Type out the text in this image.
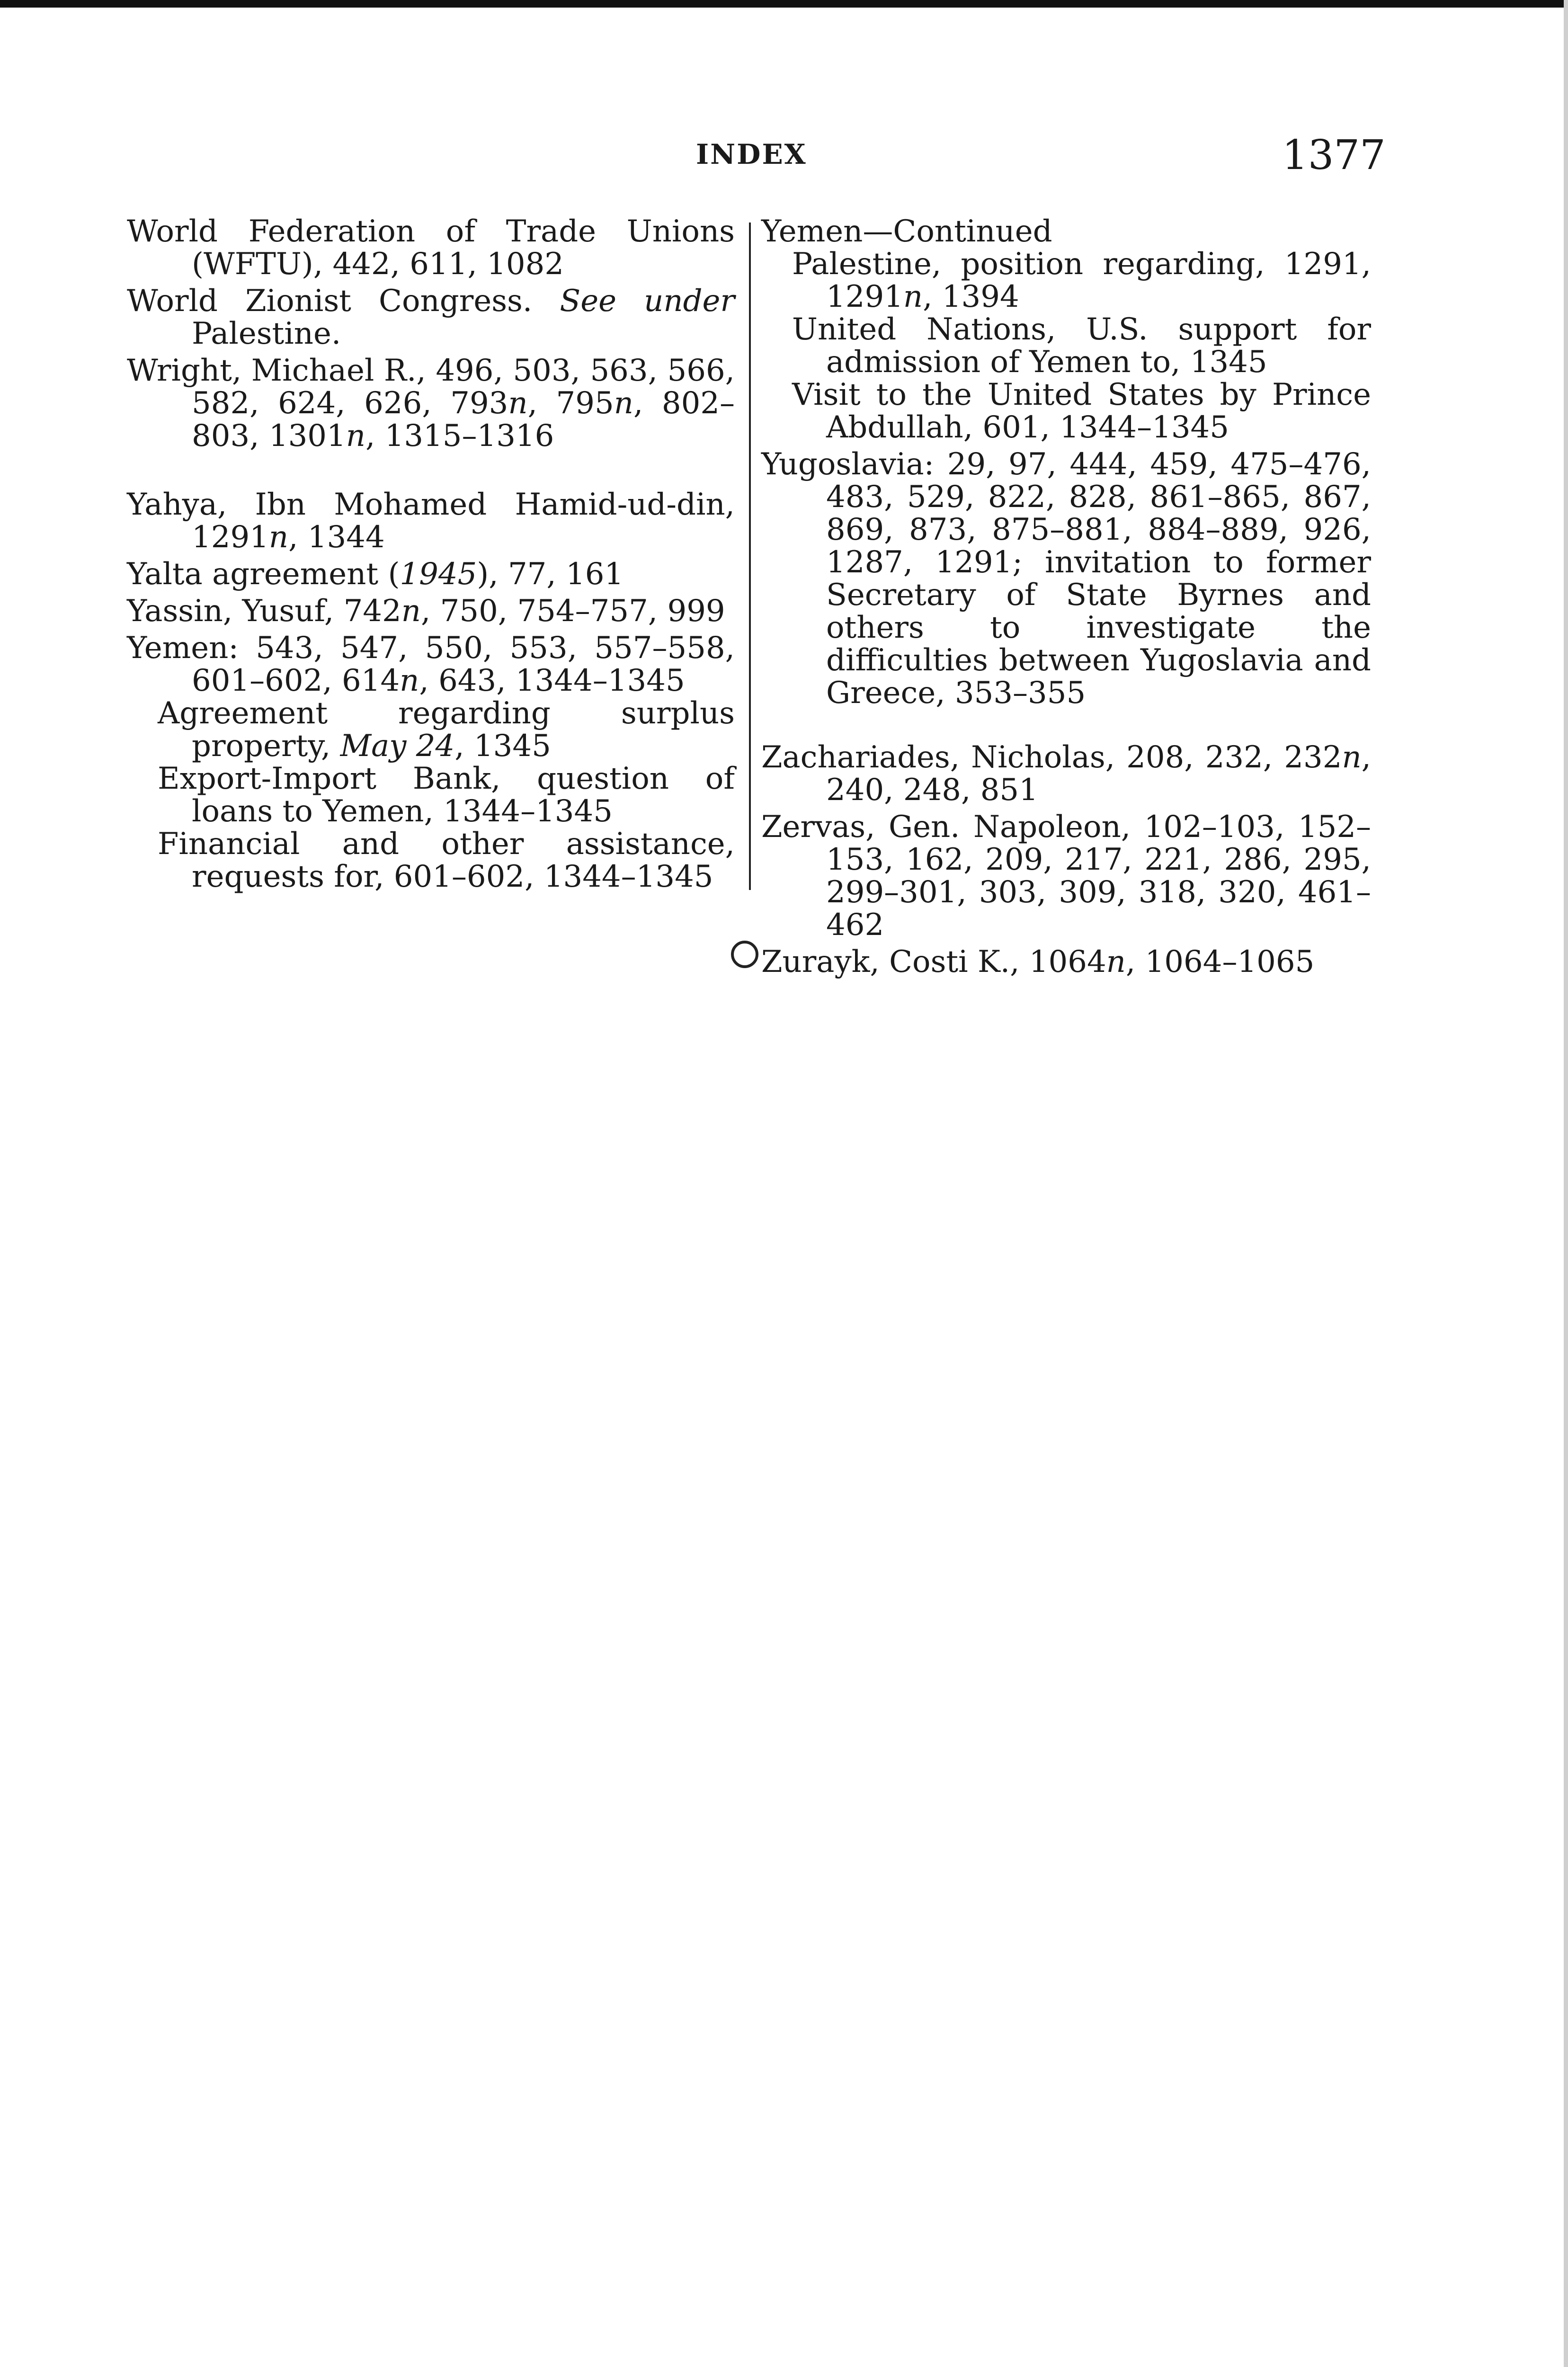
INDEX	1377
World Federation of Trade Unions (WFTU), 442, 611, 1082
World Zionist Congress. See under Palestine.
Wright, Michael R., 496, 503, 563, 566, 582, 624, 626, 793n, 795n, 802–803, 1301n, 1315–1316
Yahya, Ibn Mohamed Hamid-ud-din, 1291n, 1344
Yalta agreement (1945), 77, 161
Yassin, Yusuf, 742n, 750, 754–757, 999
Yemen: 543, 547, 550, 553, 557–558, 601–602, 614n, 643, 1344–1345
Agreement regarding surplus property, May 24, 1345
Export-Import Bank, question of loans to Yemen, 1344–1345
Financial and other assistance, requests for, 601–602, 1344–1345
Yemen—Continued
Palestine, position regarding, 1291, 1291n, 1394
United Nations, U.S. support for admission of Yemen to, 1345
Visit to the United States by Prince Abdullah, 601, 1344–1345
Yugoslavia: 29, 97, 444, 459, 475–476, 483, 529, 822, 828, 861–865, 867, 869, 873, 875–881, 884–889, 926, 1287, 1291; invitation to former Secretary of State Byrnes and others to investigate the difficulties between Yugoslavia and Greece, 353–355
Zachariades, Nicholas, 208, 232, 232n, 240, 248, 851
Zervas, Gen. Napoleon, 102–103, 152–153, 162, 209, 217, 221, 286, 295, 299–301, 303, 309, 318, 320, 461–462
Zurayk, Costi K., 1064n, 1064–1065
